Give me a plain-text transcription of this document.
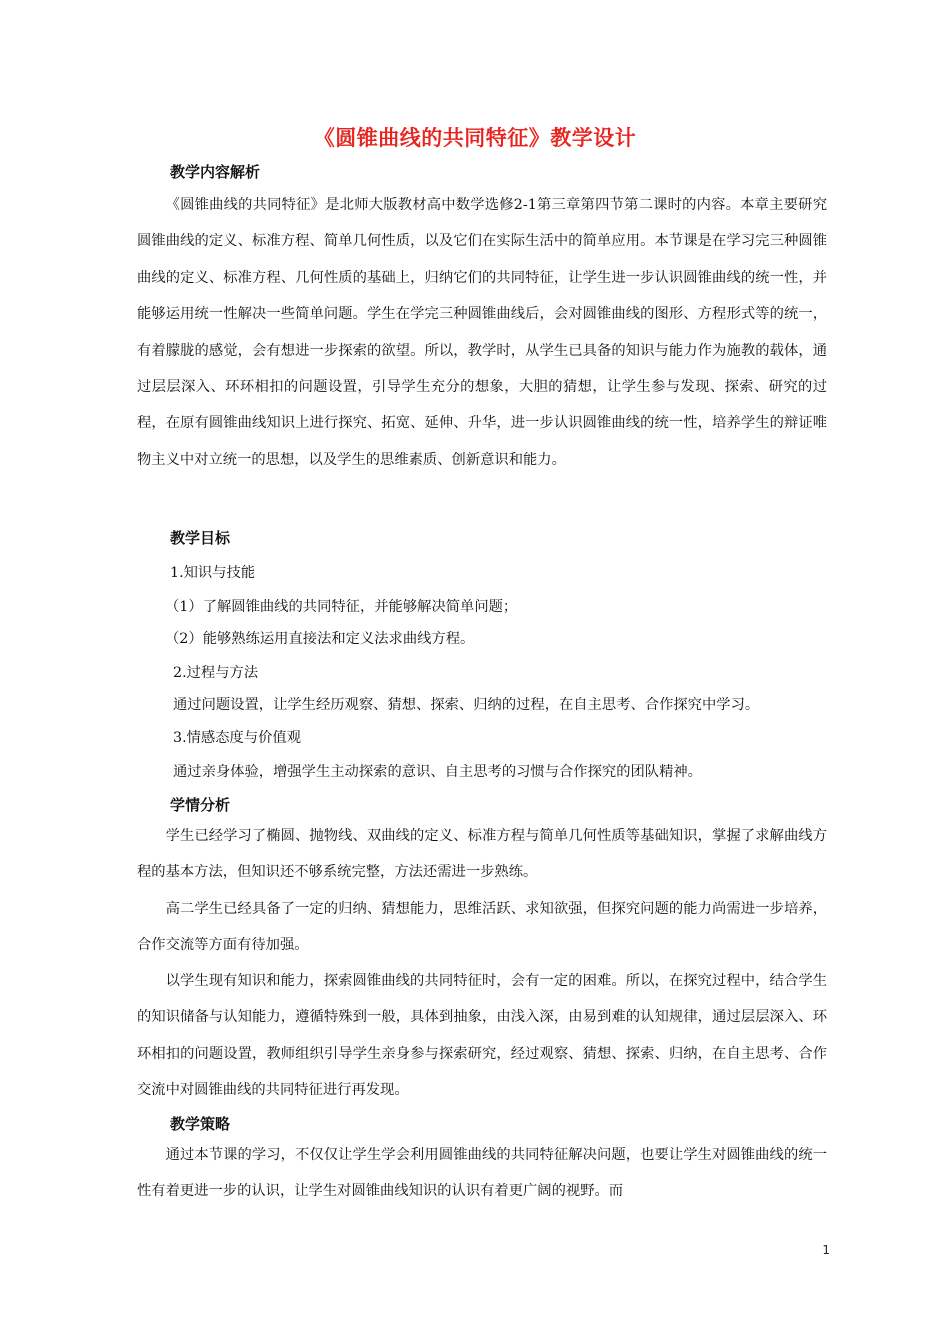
《圆锥曲线的共同特征》教学设计
教学内容解析
《圆锥曲线的共同特征》是北师大版教材高中数学选修2-1第三章第四节第二课时的内容。本章主要研究圆锥曲线的定义、标准方程、简单几何性质，以及它们在实际生活中的简单应用。本节课是在学习完三种圆锥曲线的定义、标准方程、几何性质的基础上，归纳它们的共同特征，让学生进一步认识圆锥曲线的统一性，并能够运用统一性解决一些简单问题。学生在学完三种圆锥曲线后，会对圆锥曲线的图形、方程形式等的统一，有着朦胧的感觉，会有想进一步探索的欲望。所以，教学时，从学生已具备的知识与能力作为施教的载体，通过层层深入、环环相扣的问题设置，引导学生充分的想象，大胆的猜想，让学生参与发现、探索、研究的过程，在原有圆锥曲线知识上进行探究、拓宽、延伸、升华，进一步认识圆锥曲线的统一性，培养学生的辩证唯物主义中对立统一的思想，以及学生的思维素质、创新意识和能力。
教学目标
1.知识与技能
（1）了解圆锥曲线的共同特征，并能够解决简单问题；
（2）能够熟练运用直接法和定义法求曲线方程。
2.过程与方法
通过问题设置，让学生经历观察、猜想、探索、归纳的过程，在自主思考、合作探究中学习。
3.情感态度与价值观
通过亲身体验，增强学生主动探索的意识、自主思考的习惯与合作探究的团队精神。
学情分析
学生已经学习了椭圆、抛物线、双曲线的定义、标准方程与简单几何性质等基础知识，掌握了求解曲线方程的基本方法，但知识还不够系统完整，方法还需进一步熟练。
高二学生已经具备了一定的归纳、猜想能力，思维活跃、求知欲强，但探究问题的能力尚需进一步培养，合作交流等方面有待加强。
以学生现有知识和能力，探索圆锥曲线的共同特征时，会有一定的困难。所以，在探究过程中，结合学生的知识储备与认知能力，遵循特殊到一般，具体到抽象，由浅入深，由易到难的认知规律，通过层层深入、环环相扣的问题设置，教师组织引导学生亲身参与探索研究，经过观察、猜想、探索、归纳，在自主思考、合作交流中对圆锥曲线的共同特征进行再发现。
教学策略
通过本节课的学习，不仅仅让学生学会利用圆锥曲线的共同特征解决问题，也要让学生对圆锥曲线的统一性有着更进一步的认识，让学生对圆锥曲线知识的认识有着更广阔的视野。而
1
